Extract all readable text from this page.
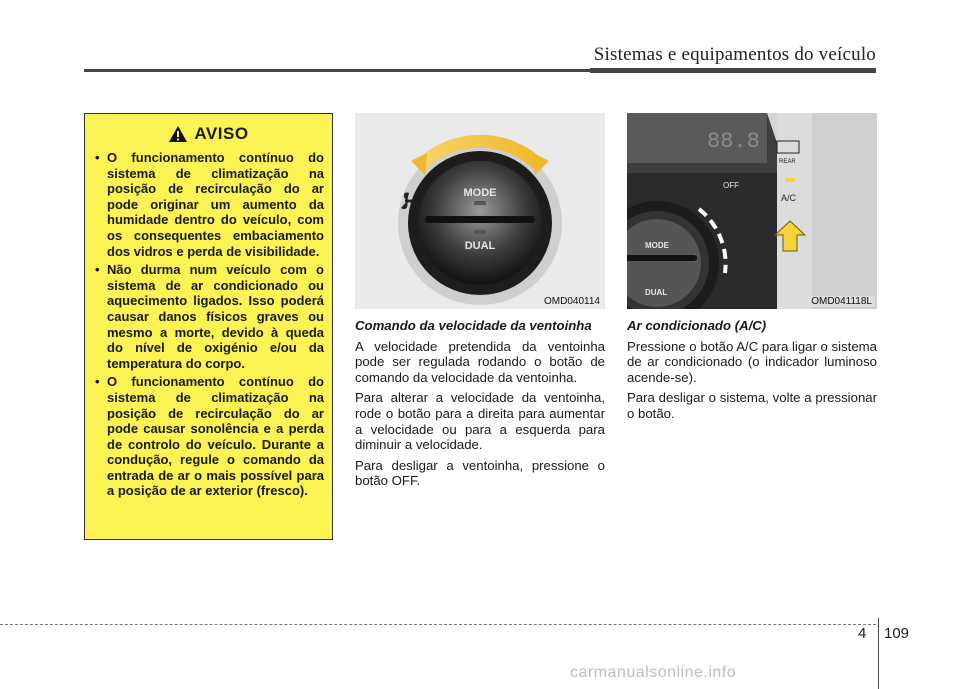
Sistemas e equipamentos do veículo
AVISO
• O funcionamento contínuo do sistema de climatização na posição de recirculação do ar pode originar um aumento da humidade dentro do veículo, com os consequentes embaciamento dos vidros e perda de visibilidade.
• Não durma num veículo com o sistema de ar condicionado ou aquecimento ligados. Isso poderá causar danos físicos graves ou mesmo a morte, devido à queda do nível de oxigénio e/ou da temperatura do corpo.
• O funcionamento contínuo do sistema de climatização na posição de recirculação do ar pode causar sonolência e a perda de controlo do veículo. Durante a condução, regule o comando da entrada de ar o mais possível para a posição de ar exterior (fresco).
MODE
DUAL
OMD040114
88.8
OFF
REAR
A/C
MODE
DUAL
OMD041118L
Comando da velocidade da ventoinha

A velocidade pretendida da ventoinha pode ser regulada rodando o botão de comando da velocidade da ventoinha.

Para alterar a velocidade da ventoinha, rode o botão para a direita para aumentar a velocidade ou para a esquerda para diminuir a velocidade.

Para desligar a ventoinha, pressione o botão OFF.

Ar condicionado (A/C)

Pressione o botão A/C para ligar o sistema de ar condicionado (o indicador luminoso acende-se).

Para desligar o sistema, volte a pressionar o botão.

4 109
carmanualsonline.info
